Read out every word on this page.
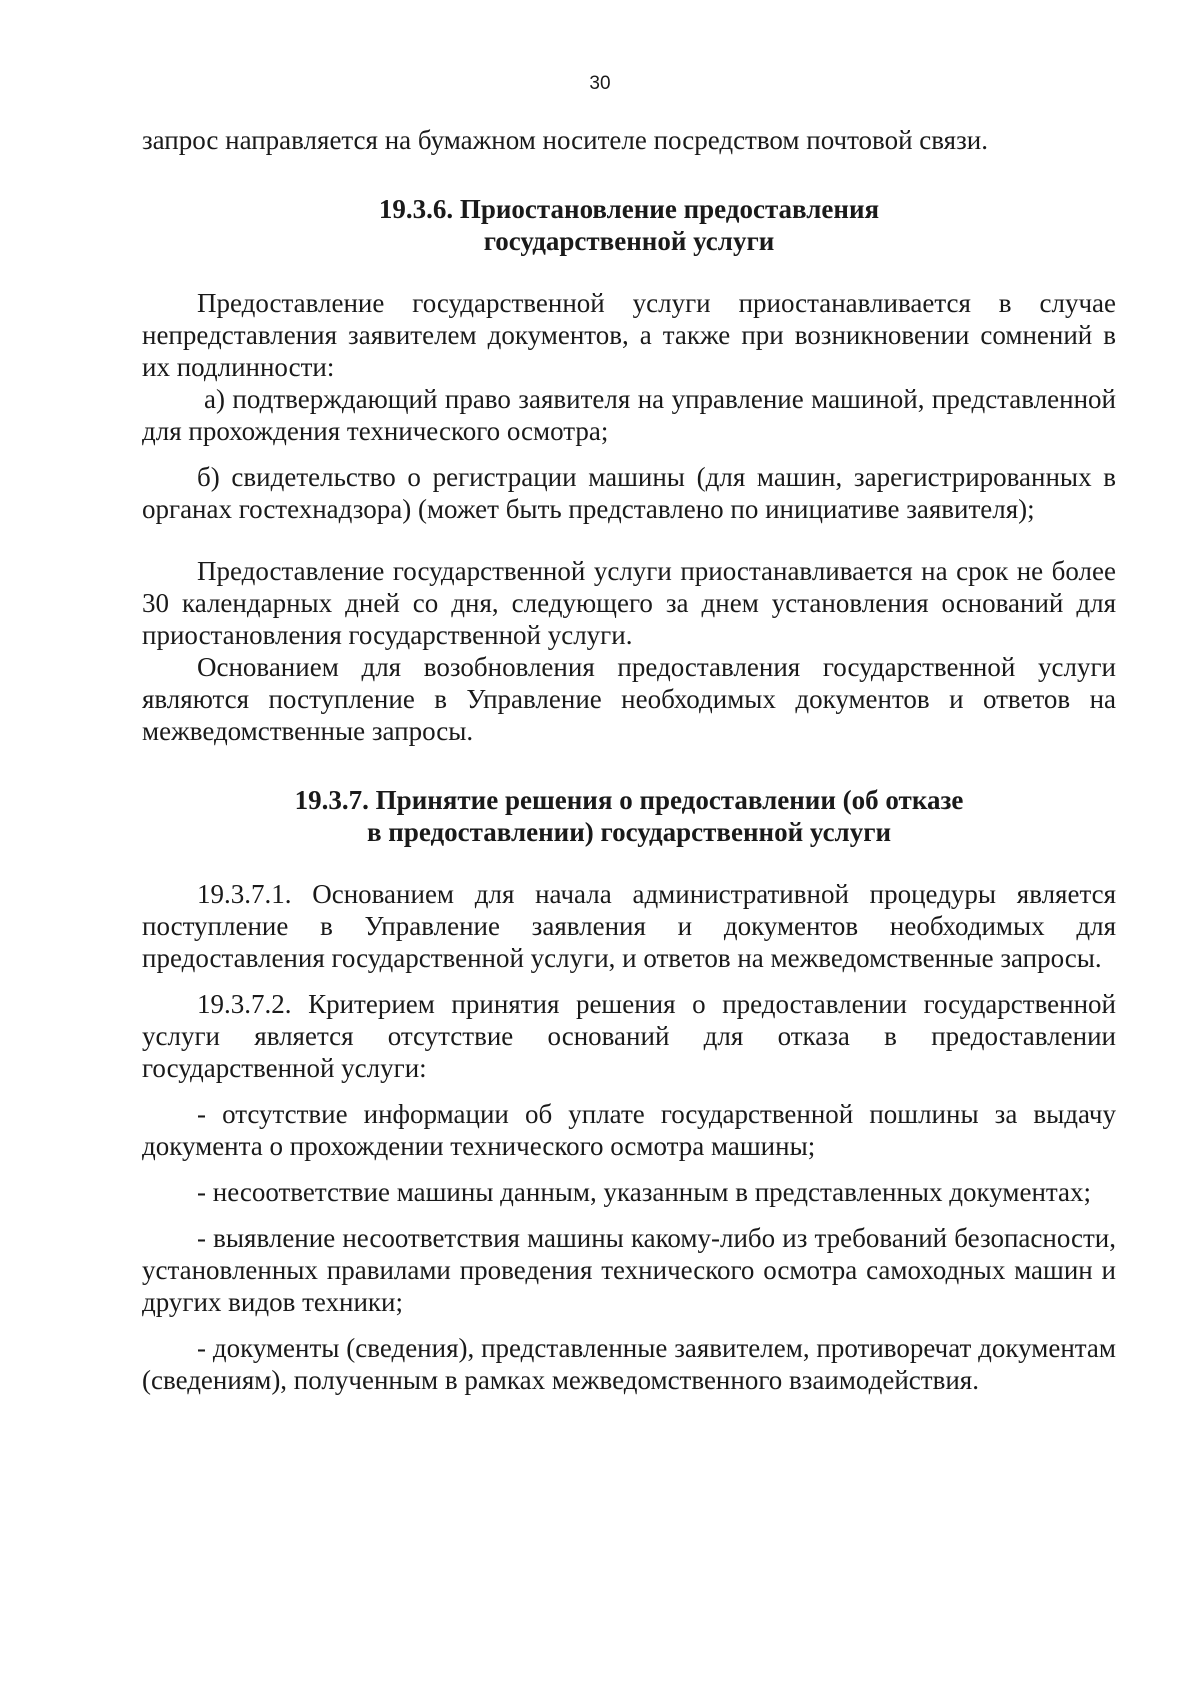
30

запрос направляется на бумажном носителе посредством почтовой связи.

19.3.6. Приостановление предоставления

государственной услуги

Предоставление государственной услуги приостанавливается в случае непредставления заявителем документов, а также при возникновении сомнений в их подлинности:

а) подтверждающий право заявителя на управление машиной, представленной для прохождения технического осмотра;

б) свидетельство о регистрации машины (для машин, зарегистрированных в органах гостехнадзора) (может быть представлено по инициативе заявителя);

Предоставление государственной услуги приостанавливается на срок не более 30 календарных дней со дня, следующего за днем установления оснований для приостановления государственной услуги.

Основанием для возобновления предоставления государственной услуги являются поступление в Управление необходимых документов и ответов на межведомственные запросы.

19.3.7. Принятие решения о предоставлении (об отказе

в предоставлении) государственной услуги

19.3.7.1. Основанием для начала административной процедуры является поступление в Управление заявления и документов необходимых для предоставления государственной услуги, и ответов на межведомственные запросы.

19.3.7.2. Критерием принятия решения о предоставлении государственной услуги является отсутствие оснований для отказа в предоставлении государственной услуги:

- отсутствие информации об уплате государственной пошлины за выдачу документа о прохождении технического осмотра машины;

- несоответствие машины данным, указанным в представленных документах;

- выявление несоответствия машины какому-либо из требований безопасности, установленных правилами проведения технического осмотра самоходных машин и других видов техники;

- документы (сведения), представленные заявителем, противоречат документам (сведениям), полученным в рамках межведомственного взаимодействия.
